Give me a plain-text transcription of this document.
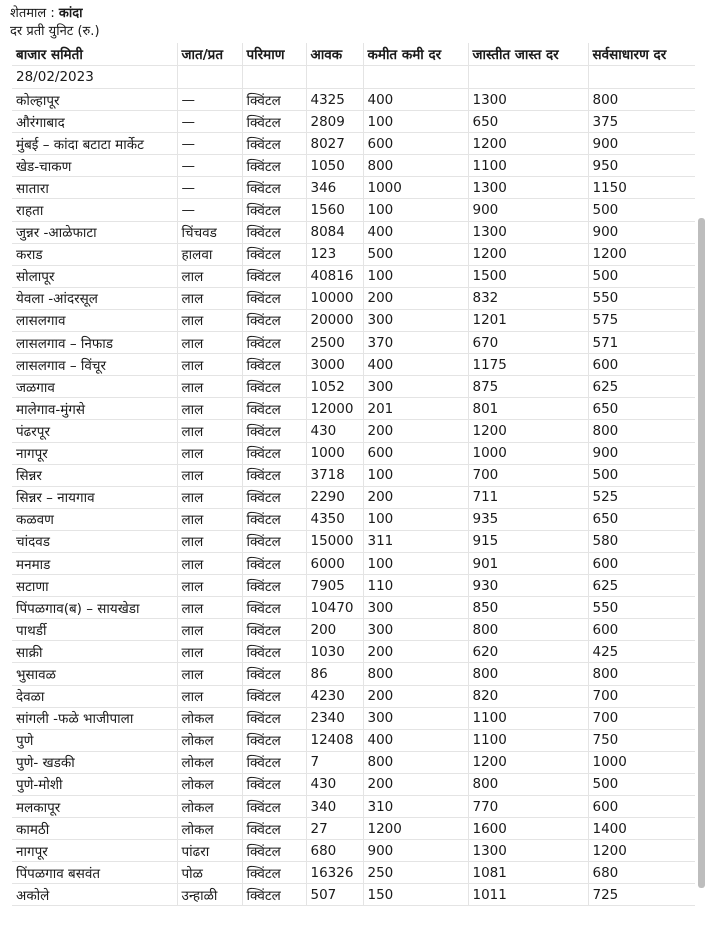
शेतमाल : कांदा
दर प्रती युनिट (रु.)
बाजार समिती	जात/प्रत	परिमाण	आवक	कमीत कमी दर	जास्तीत जास्त दर	सर्वसाधारण दर
28/02/2023						
कोल्हापूर	—	क्विंटल	4325	400	1300	800
औरंगाबाद	—	क्विंटल	2809	100	650	375
मुंबई – कांदा बटाटा मार्केट	—	क्विंटल	8027	600	1200	900
खेड-चाकण	—	क्विंटल	1050	800	1100	950
सातारा	—	क्विंटल	346	1000	1300	1150
राहता	—	क्विंटल	1560	100	900	500
जुन्नर -आळेफाटा	चिंचवड	क्विंटल	8084	400	1300	900
कराड	हालवा	क्विंटल	123	500	1200	1200
सोलापूर	लाल	क्विंटल	40816	100	1500	500
येवला -आंदरसूल	लाल	क्विंटल	10000	200	832	550
लासलगाव	लाल	क्विंटल	20000	300	1201	575
लासलगाव – निफाड	लाल	क्विंटल	2500	370	670	571
लासलगाव – विंचूर	लाल	क्विंटल	3000	400	1175	600
जळगाव	लाल	क्विंटल	1052	300	875	625
मालेगाव-मुंगसे	लाल	क्विंटल	12000	201	801	650
पंढरपूर	लाल	क्विंटल	430	200	1200	800
नागपूर	लाल	क्विंटल	1000	600	1000	900
सिन्नर	लाल	क्विंटल	3718	100	700	500
सिन्नर – नायगाव	लाल	क्विंटल	2290	200	711	525
कळवण	लाल	क्विंटल	4350	100	935	650
चांदवड	लाल	क्विंटल	15000	311	915	580
मनमाड	लाल	क्विंटल	6000	100	901	600
सटाणा	लाल	क्विंटल	7905	110	930	625
पिंपळगाव(ब) – सायखेडा	लाल	क्विंटल	10470	300	850	550
पाथर्डी	लाल	क्विंटल	200	300	800	600
साक्री	लाल	क्विंटल	1030	200	620	425
भुसावळ	लाल	क्विंटल	86	800	800	800
देवळा	लाल	क्विंटल	4230	200	820	700
सांगली -फळे भाजीपाला	लोकल	क्विंटल	2340	300	1100	700
पुणे	लोकल	क्विंटल	12408	400	1100	750
पुणे- खडकी	लोकल	क्विंटल	7	800	1200	1000
पुणे-मोशी	लोकल	क्विंटल	430	200	800	500
मलकापूर	लोकल	क्विंटल	340	310	770	600
कामठी	लोकल	क्विंटल	27	1200	1600	1400
नागपूर	पांढरा	क्विंटल	680	900	1300	1200
पिंपळगाव बसवंत	पोळ	क्विंटल	16326	250	1081	680
अकोले	उन्हाळी	क्विंटल	507	150	1011	725
